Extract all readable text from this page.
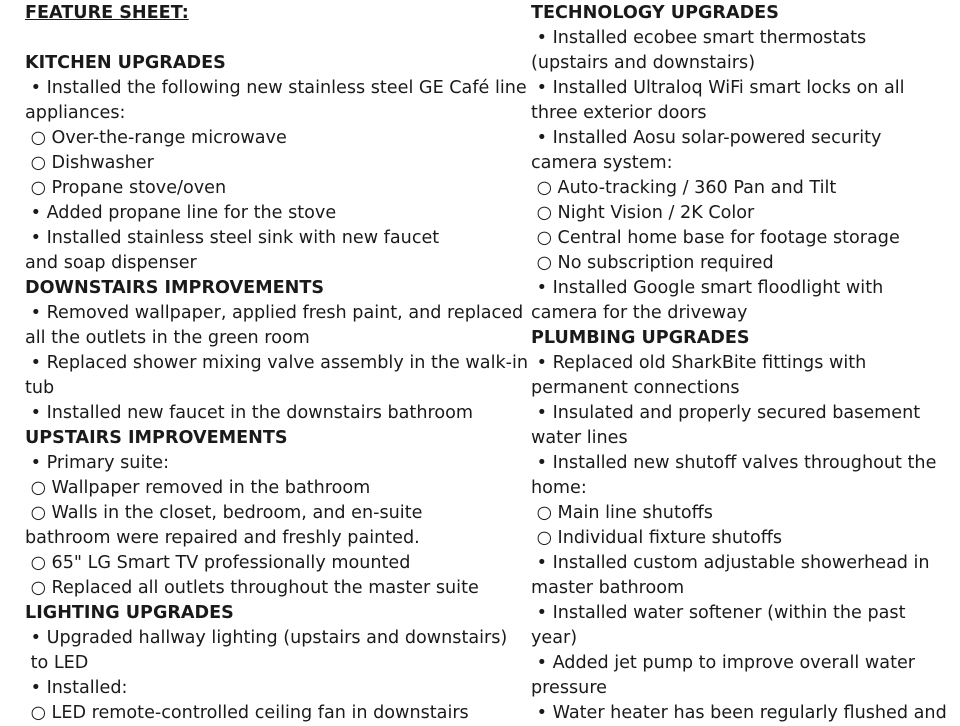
FEATURE SHEET:
KITCHEN UPGRADES
• Installed the following new stainless steel GE Café line
appliances:
○ Over-the-range microwave
○ Dishwasher
○ Propane stove/oven
• Added propane line for the stove
• Installed stainless steel sink with new faucet
and soap dispenser
DOWNSTAIRS IMPROVEMENTS
• Removed wallpaper, applied fresh paint, and replaced
all the outlets in the green room
• Replaced shower mixing valve assembly in the walk-in
tub
• Installed new faucet in the downstairs bathroom
UPSTAIRS IMPROVEMENTS
• Primary suite:
○ Wallpaper removed in the bathroom
○ Walls in the closet, bedroom, and en-suite
bathroom were repaired and freshly painted.
○ 65" LG Smart TV professionally mounted
○ Replaced all outlets throughout the master suite
LIGHTING UPGRADES
• Upgraded hallway lighting (upstairs and downstairs)
to LED
• Installed:
○ LED remote-controlled ceiling fan in downstairs
TECHNOLOGY UPGRADES
• Installed ecobee smart thermostats
(upstairs and downstairs)
• Installed Ultraloq WiFi smart locks on all
three exterior doors
• Installed Aosu solar-powered security
camera system:
○ Auto-tracking / 360 Pan and Tilt
○ Night Vision / 2K Color
○ Central home base for footage storage
○ No subscription required
• Installed Google smart floodlight with
camera for the driveway
PLUMBING UPGRADES
• Replaced old SharkBite fittings with
permanent connections
• Insulated and properly secured basement
water lines
• Installed new shutoff valves throughout the
home:
○ Main line shutoffs
○ Individual fixture shutoffs
• Installed custom adjustable showerhead in
master bathroom
• Installed water softener (within the past
year)
• Added jet pump to improve overall water
pressure
• Water heater has been regularly flushed and
